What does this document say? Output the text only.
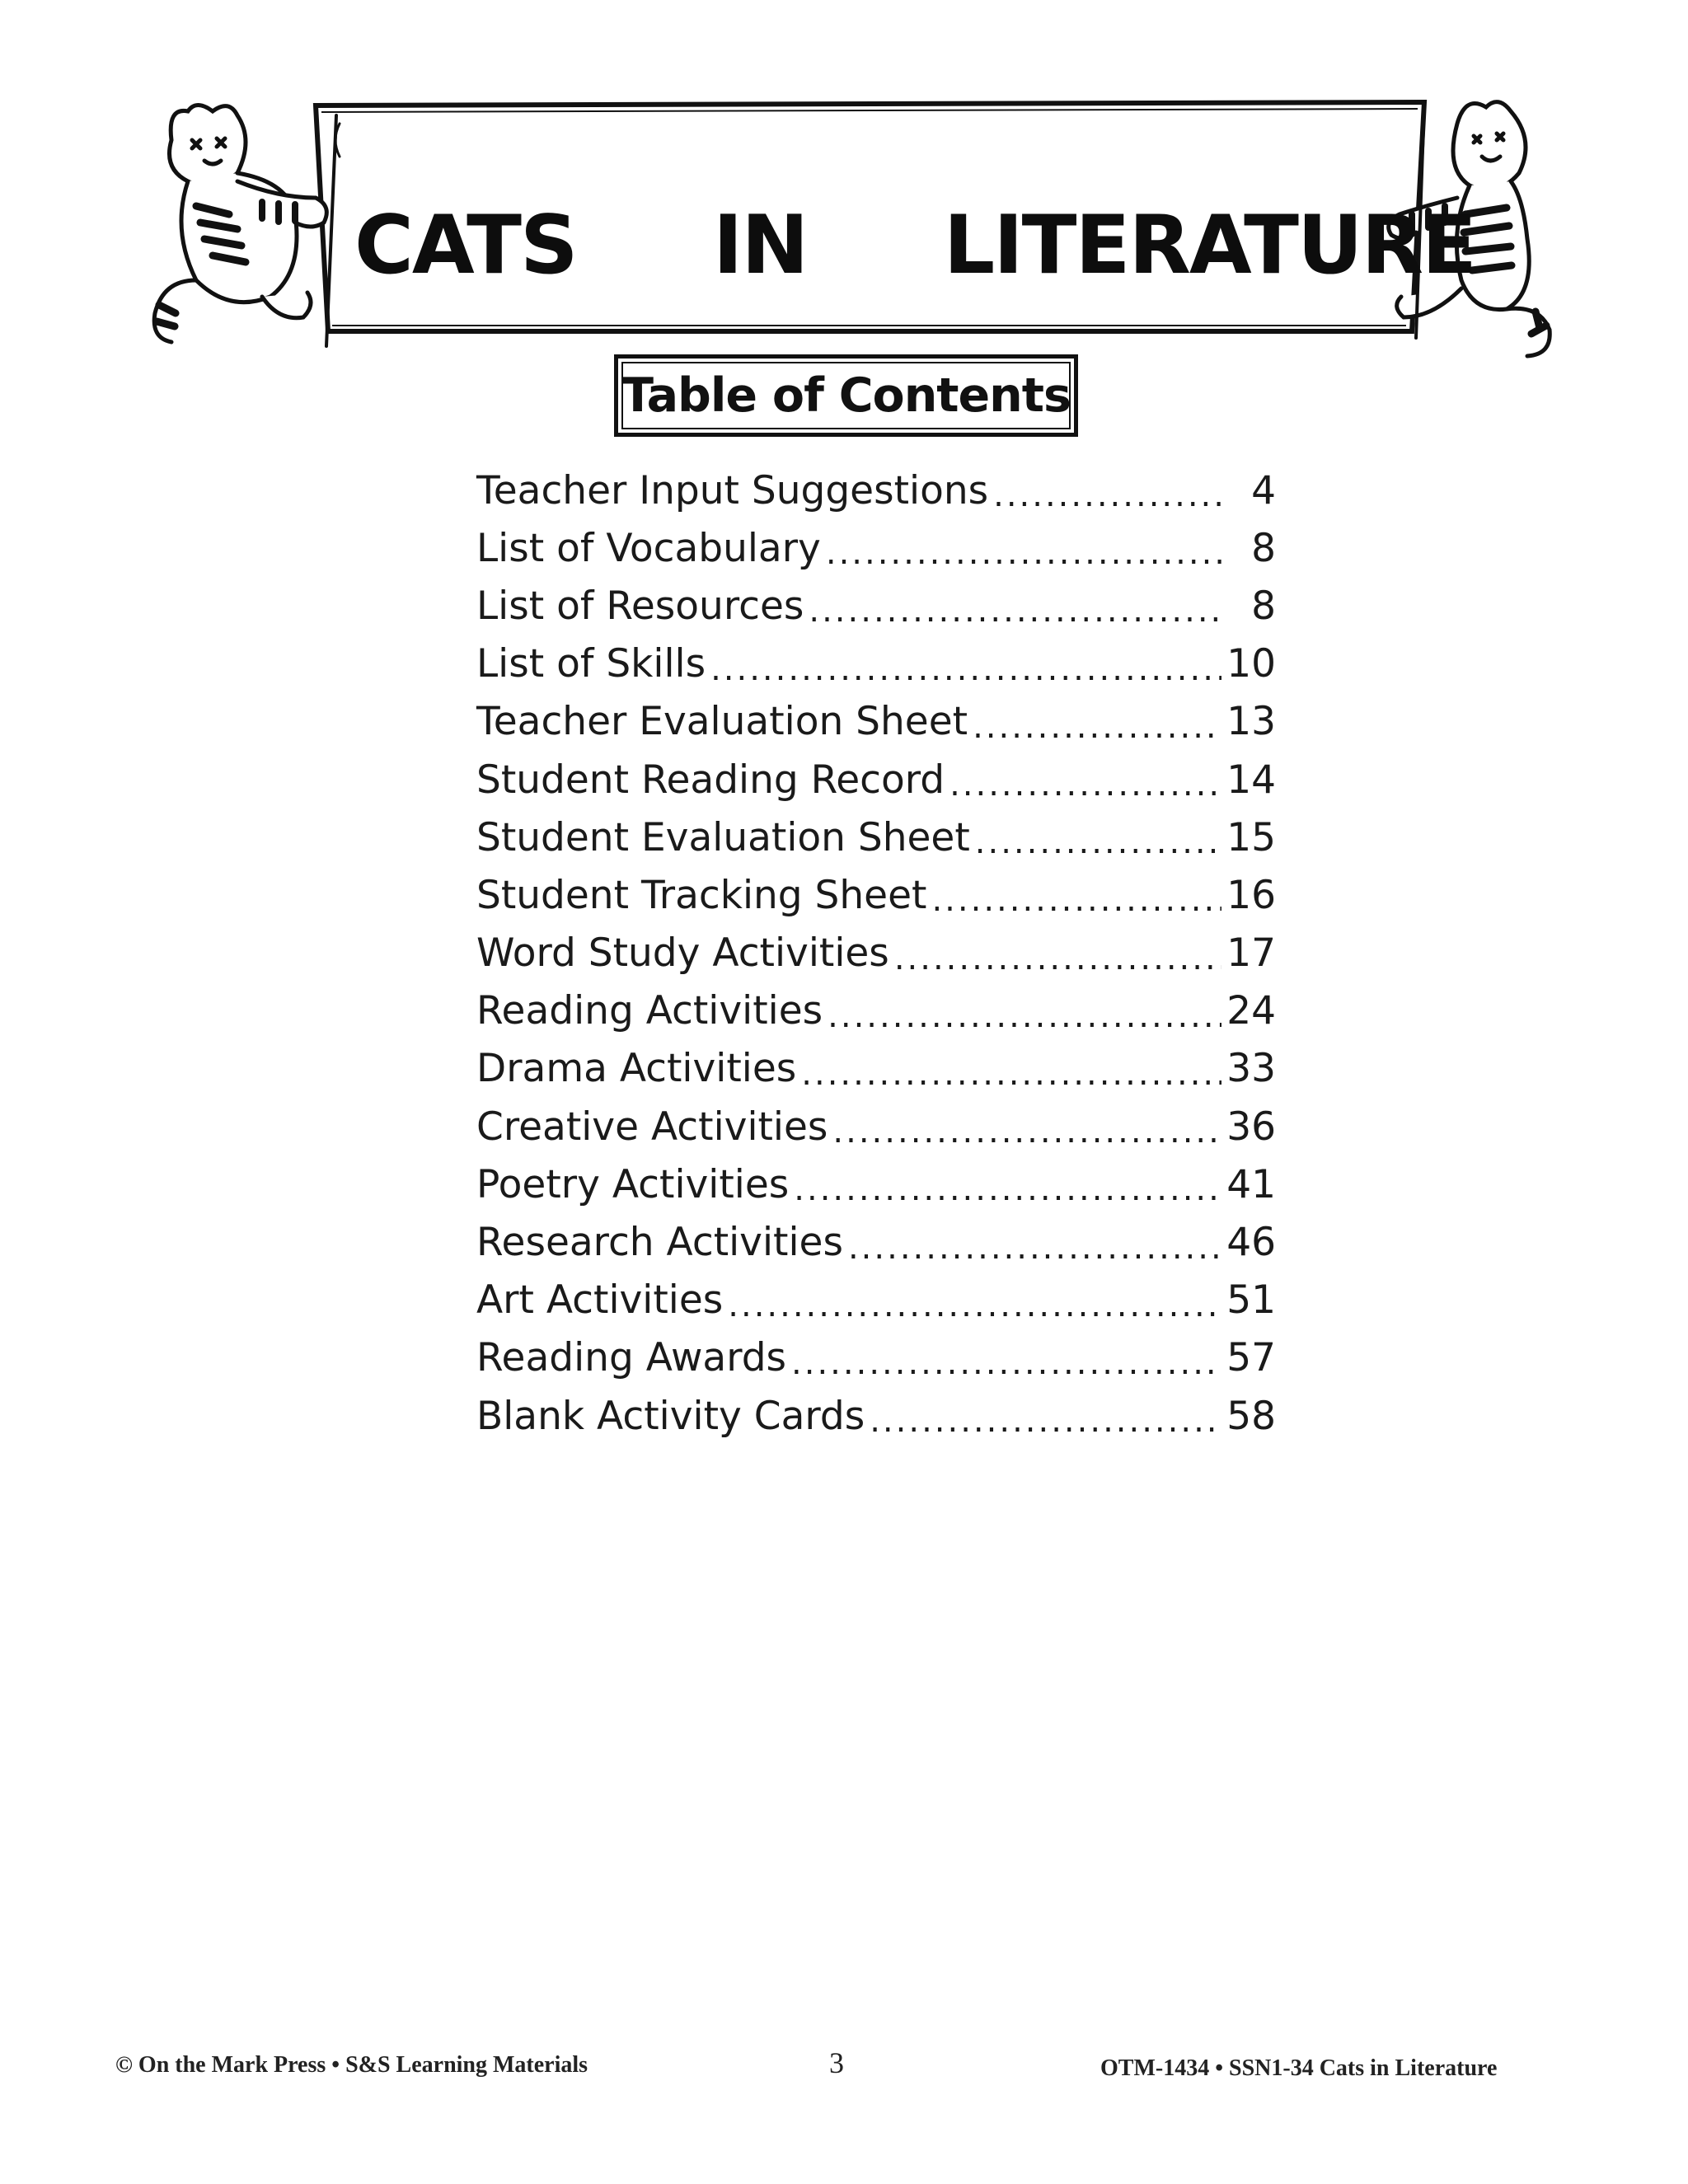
CATS IN LITERATURE
Table of Contents
Teacher Input Suggestions .....	4
List of Vocabulary .....	8
List of Resources .....	8
List of Skills .....	10
Teacher Evaluation Sheet .....	13
Student Reading Record .....	14
Student Evaluation Sheet .....	15
Student Tracking Sheet .....	16
Word Study Activities .....	17
Reading Activities .....	24
Drama Activities .....	33
Creative Activities .....	36
Poetry Activities .....	41
Research Activities .....	46
Art Activities .....	51
Reading Awards .....	57
Blank Activity Cards .....	58
© On the Mark Press • S&S Learning Materials	3	OTM-1434 • SSN1-34 Cats in Literature
